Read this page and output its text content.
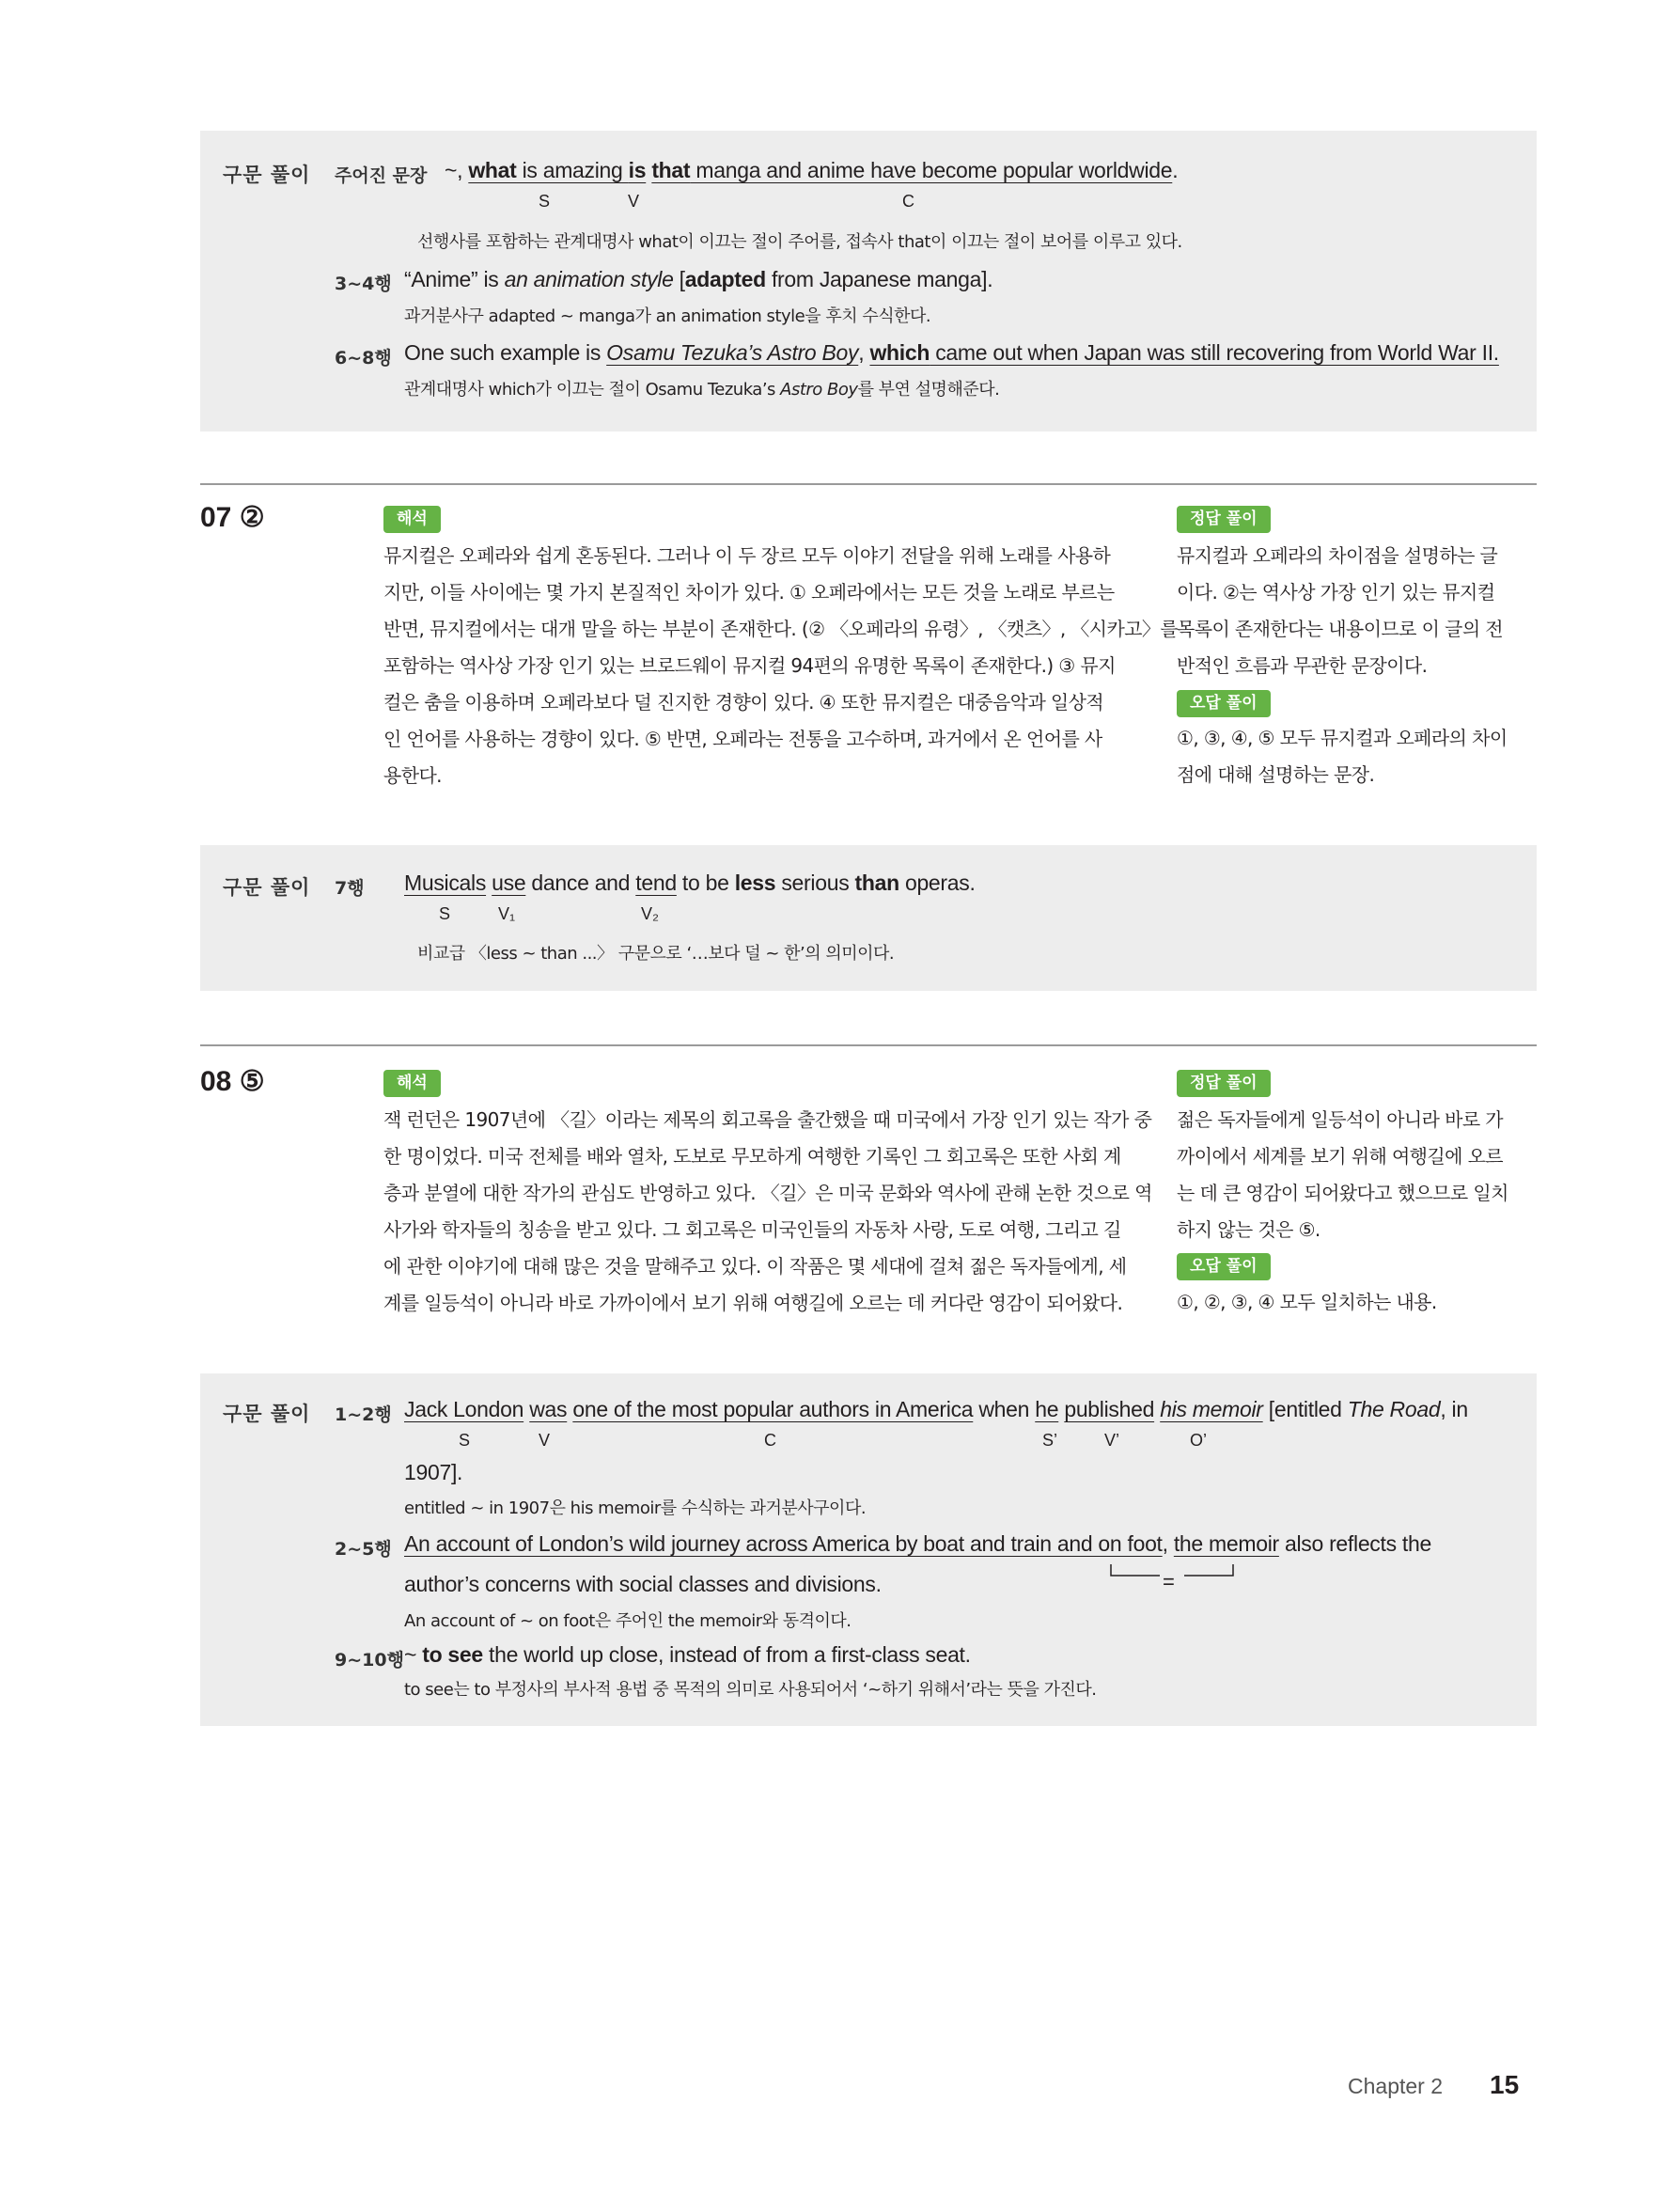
구문 풀이 주어진 문장 ~, what is amazing is that manga and anime have become popular worldwide.
S	V	C
선행사를 포함하는 관계대명사 what이 이끄는 절이 주어를, 접속사 that이 이끄는 절이 보어를 이루고 있다.
3~4행 “Anime” is an animation style [adapted from Japanese manga].
과거분사구 adapted ~ manga가 an animation style을 후치 수식한다.
6~8행 One such example is Osamu Tezuka’s Astro Boy, which came out when Japan was still recovering from World War II.
관계대명사 which가 이끄는 절이 Osamu Tezuka’s Astro Boy를 부연 설명해준다.
07 ②	해석
뮤지컬은 오페라와 쉽게 혼동된다. 그러나 이 두 장르 모두 이야기 전달을 위해 노래를 사용하
지만, 이들 사이에는 몇 가지 본질적인 차이가 있다. ① 오페라에서는 모든 것을 노래로 부르는
반면, 뮤지컬에서는 대개 말을 하는 부분이 존재한다. (② 〈오페라의 유령〉, 〈캣츠〉, 〈시카고〉를
포함하는 역사상 가장 인기 있는 브로드웨이 뮤지컬 94편의 유명한 목록이 존재한다.) ③ 뮤지
컬은 춤을 이용하며 오페라보다 덜 진지한 경향이 있다. ④ 또한 뮤지컬은 대중음악과 일상적
인 언어를 사용하는 경향이 있다. ⑤ 반면, 오페라는 전통을 고수하며, 과거에서 온 언어를 사
용한다.
정답 풀이
뮤지컬과 오페라의 차이점을 설명하는 글
이다. ②는 역사상 가장 인기 있는 뮤지컬
목록이 존재한다는 내용이므로 이 글의 전
반적인 흐름과 무관한 문장이다.
오답 풀이
①, ③, ④, ⑤ 모두 뮤지컬과 오페라의 차이
점에 대해 설명하는 문장.
구문 풀이 7행 Musicals use dance and tend to be less serious than operas.
S	V₁	V₂
비교급 〈less ~ than ...〉 구문으로 ‘…보다 덜 ~ 한’의 의미이다.
08 ⑤	해석
잭 런던은 1907년에 〈길〉이라는 제목의 회고록을 출간했을 때 미국에서 가장 인기 있는 작가 중
한 명이었다. 미국 전체를 배와 열차, 도보로 무모하게 여행한 기록인 그 회고록은 또한 사회 계
층과 분열에 대한 작가의 관심도 반영하고 있다. 〈길〉은 미국 문화와 역사에 관해 논한 것으로 역
사가와 학자들의 칭송을 받고 있다. 그 회고록은 미국인들의 자동차 사랑, 도로 여행, 그리고 길
에 관한 이야기에 대해 많은 것을 말해주고 있다. 이 작품은 몇 세대에 걸쳐 젊은 독자들에게, 세
계를 일등석이 아니라 바로 가까이에서 보기 위해 여행길에 오르는 데 커다란 영감이 되어왔다.
정답 풀이
젊은 독자들에게 일등석이 아니라 바로 가
까이에서 세계를 보기 위해 여행길에 오르
는 데 큰 영감이 되어왔다고 했으므로 일치
하지 않는 것은 ⑤.
오답 풀이
①, ②, ③, ④ 모두 일치하는 내용.
구문 풀이 1~2행 Jack London was one of the most popular authors in America when he published his memoir [entitled The Road, in
S	V	C	S’	V’	O’
1907].
entitled ~ in 1907은 his memoir를 수식하는 과거분사구이다.
2~5행 An account of London’s wild journey across America by boat and train and on foot, the memoir also reflects the
author’s concerns with social classes and divisions.	=
An account of ~ on foot은 주어인 the memoir와 동격이다.
9~10행 ~ to see the world up close, instead of from a first-class seat.
to see는 to 부정사의 부사적 용법 중 목적의 의미로 사용되어서 ‘~하기 위해서’라는 뜻을 가진다.
Chapter 2 15
